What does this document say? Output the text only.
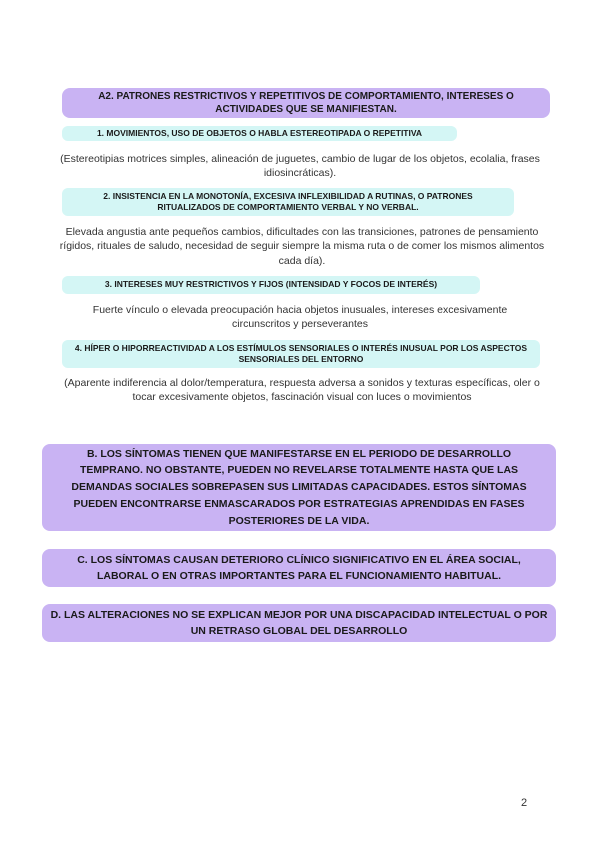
A2. PATRONES RESTRICTIVOS Y REPETITIVOS DE COMPORTAMIENTO, INTERESES O ACTIVIDADES QUE SE MANIFIESTAN.
1. MOVIMIENTOS, USO DE OBJETOS O HABLA ESTEREOTIPADA O REPETITIVA
(Estereotipias motrices simples, alineación de juguetes, cambio de lugar de los objetos, ecolalia, frases idiosincráticas).
2. INSISTENCIA EN LA MONOTONÍA, EXCESIVA INFLEXIBILIDAD A RUTINAS, O PATRONES RITUALIZADOS DE COMPORTAMIENTO VERBAL Y NO VERBAL.
Elevada angustia ante pequeños cambios, dificultades con las transiciones, patrones de pensamiento rígidos, rituales de saludo, necesidad de seguir siempre la misma ruta o de comer los mismos alimentos cada día).
3. INTERESES MUY RESTRICTIVOS Y FIJOS (INTENSIDAD Y FOCOS DE INTERÉS)
Fuerte vínculo o elevada preocupación hacia objetos inusuales, intereses excesivamente circunscritos y perseverantes
4. HÍPER O HIPORREACTIVIDAD A LOS ESTÍMULOS SENSORIALES O INTERÉS INUSUAL POR LOS ASPECTOS SENSORIALES DEL ENTORNO
(Aparente indiferencia al dolor/temperatura, respuesta adversa a sonidos y texturas específicas, oler o tocar excesivamente objetos, fascinación visual con luces o movimientos
B. LOS SÍNTOMAS TIENEN QUE MANIFESTARSE EN EL PERIODO DE DESARROLLO TEMPRANO. NO OBSTANTE, PUEDEN NO REVELARSE TOTALMENTE HASTA QUE LAS DEMANDAS SOCIALES SOBREPASEN SUS LIMITADAS CAPACIDADES. ESTOS SÍNTOMAS PUEDEN ENCONTRARSE ENMASCARADOS POR ESTRATEGIAS APRENDIDAS EN FASES POSTERIORES DE LA VIDA.
C. LOS SÍNTOMAS CAUSAN DETERIORO CLÍNICO SIGNIFICATIVO EN EL ÁREA SOCIAL, LABORAL O EN OTRAS IMPORTANTES PARA EL FUNCIONAMIENTO HABITUAL.
D. LAS ALTERACIONES NO SE EXPLICAN MEJOR POR UNA DISCAPACIDAD INTELECTUAL O POR UN RETRASO GLOBAL DEL DESARROLLO
2
